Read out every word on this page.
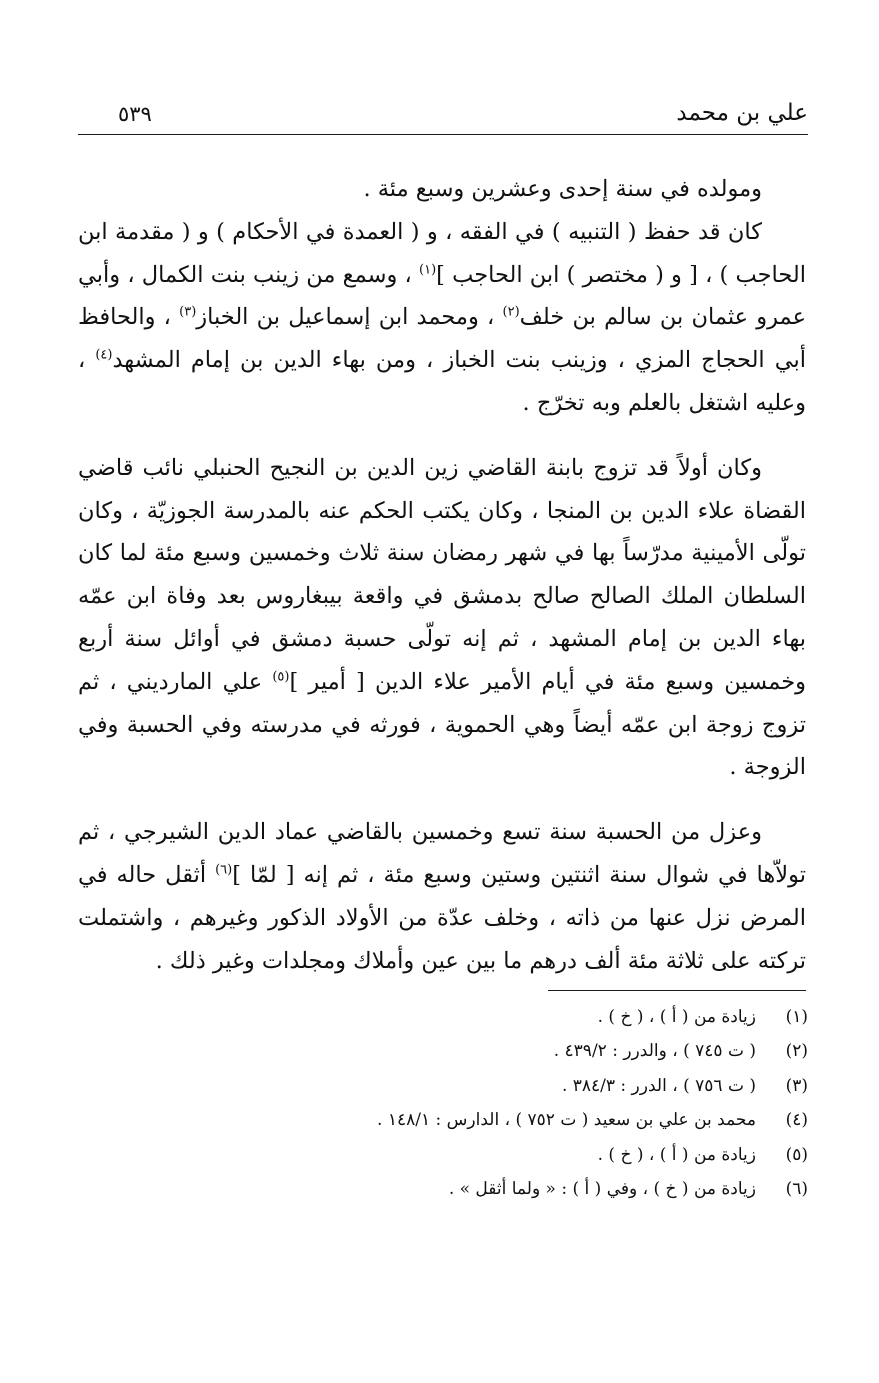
علي بن محمد
٥٣٩

ومولده في سنة إحدى وعشرين وسبع مئة .

كان قد حفظ ( التنبيه ) في الفقه ، و ( العمدة في الأحكام ) و ( مقدمة ابن الحاجب ) ، [ و ( مختصر ) ابن الحاجب ]$^{(١)}$ ، وسمع من زينب بنت الكمال ، وأبي عمرو عثمان بن سالم بن خلف$^{(٢)}$ ، ومحمد ابن إسماعيل بن الخباز$^{(٣)}$ ، والحافظ أبي الحجاج المزي ، وزينب بنت الخباز ، ومن بهاء الدين بن إمام المشهد$^{(٤)}$ ، وعليه اشتغل بالعلم وبه تخرّج .

وكان أولاً قد تزوج بابنة القاضي زين الدين بن النجيح الحنبلي نائب قاضي القضاة علاء الدين بن المنجا ، وكان يكتب الحكم عنه بالمدرسة الجوزيّة ، وكان تولّى الأمينية مدرّساً بها في شهر رمضان سنة ثلاث وخمسين وسبع مئة لما كان السلطان الملك الصالح صالح بدمشق في واقعة بيبغاروس بعد وفاة ابن عمّه بهاء الدين بن إمام المشهد ، ثم إنه تولّى حسبة دمشق في أوائل سنة أربع وخمسين وسبع مئة في أيام الأمير علاء الدين [ أمير ]$^{(٥)}$ علي المارديني ، ثم تزوج زوجة ابن عمّه أيضاً وهي الحموية ، فورثه في مدرسته وفي الحسبة وفي الزوجة .

وعزل من الحسبة سنة تسع وخمسين بالقاضي عماد الدين الشيرجي ، ثم تولاّها في شوال سنة اثنتين وستين وسبع مئة ، ثم إنه [ لمّا ]$^{(٦)}$ أثقل حاله في المرض نزل عنها من ذاته ، وخلف عدّة من الأولاد الذكور وغيرهم ، واشتملت تركته على ثلاثة مئة ألف درهم ما بين عين وأملاك ومجلدات وغير ذلك .

(١)
زيادة من ( أ ) ، ( خ ) .
(٢)
( ت ٧٤٥ ) ، والدرر : ٤٣٩/٢ .
(٣)
( ت ٧٥٦ ) ، الدرر : ٣٨٤/٣ .
(٤)
محمد بن علي بن سعيد ( ت ٧٥٢ ) ، الدارس : ١٤٨/١ .
(٥)
زيادة من ( أ ) ، ( خ ) .
(٦)
زيادة من ( خ ) ، وفي ( أ ) : « ولما أثقل » .
